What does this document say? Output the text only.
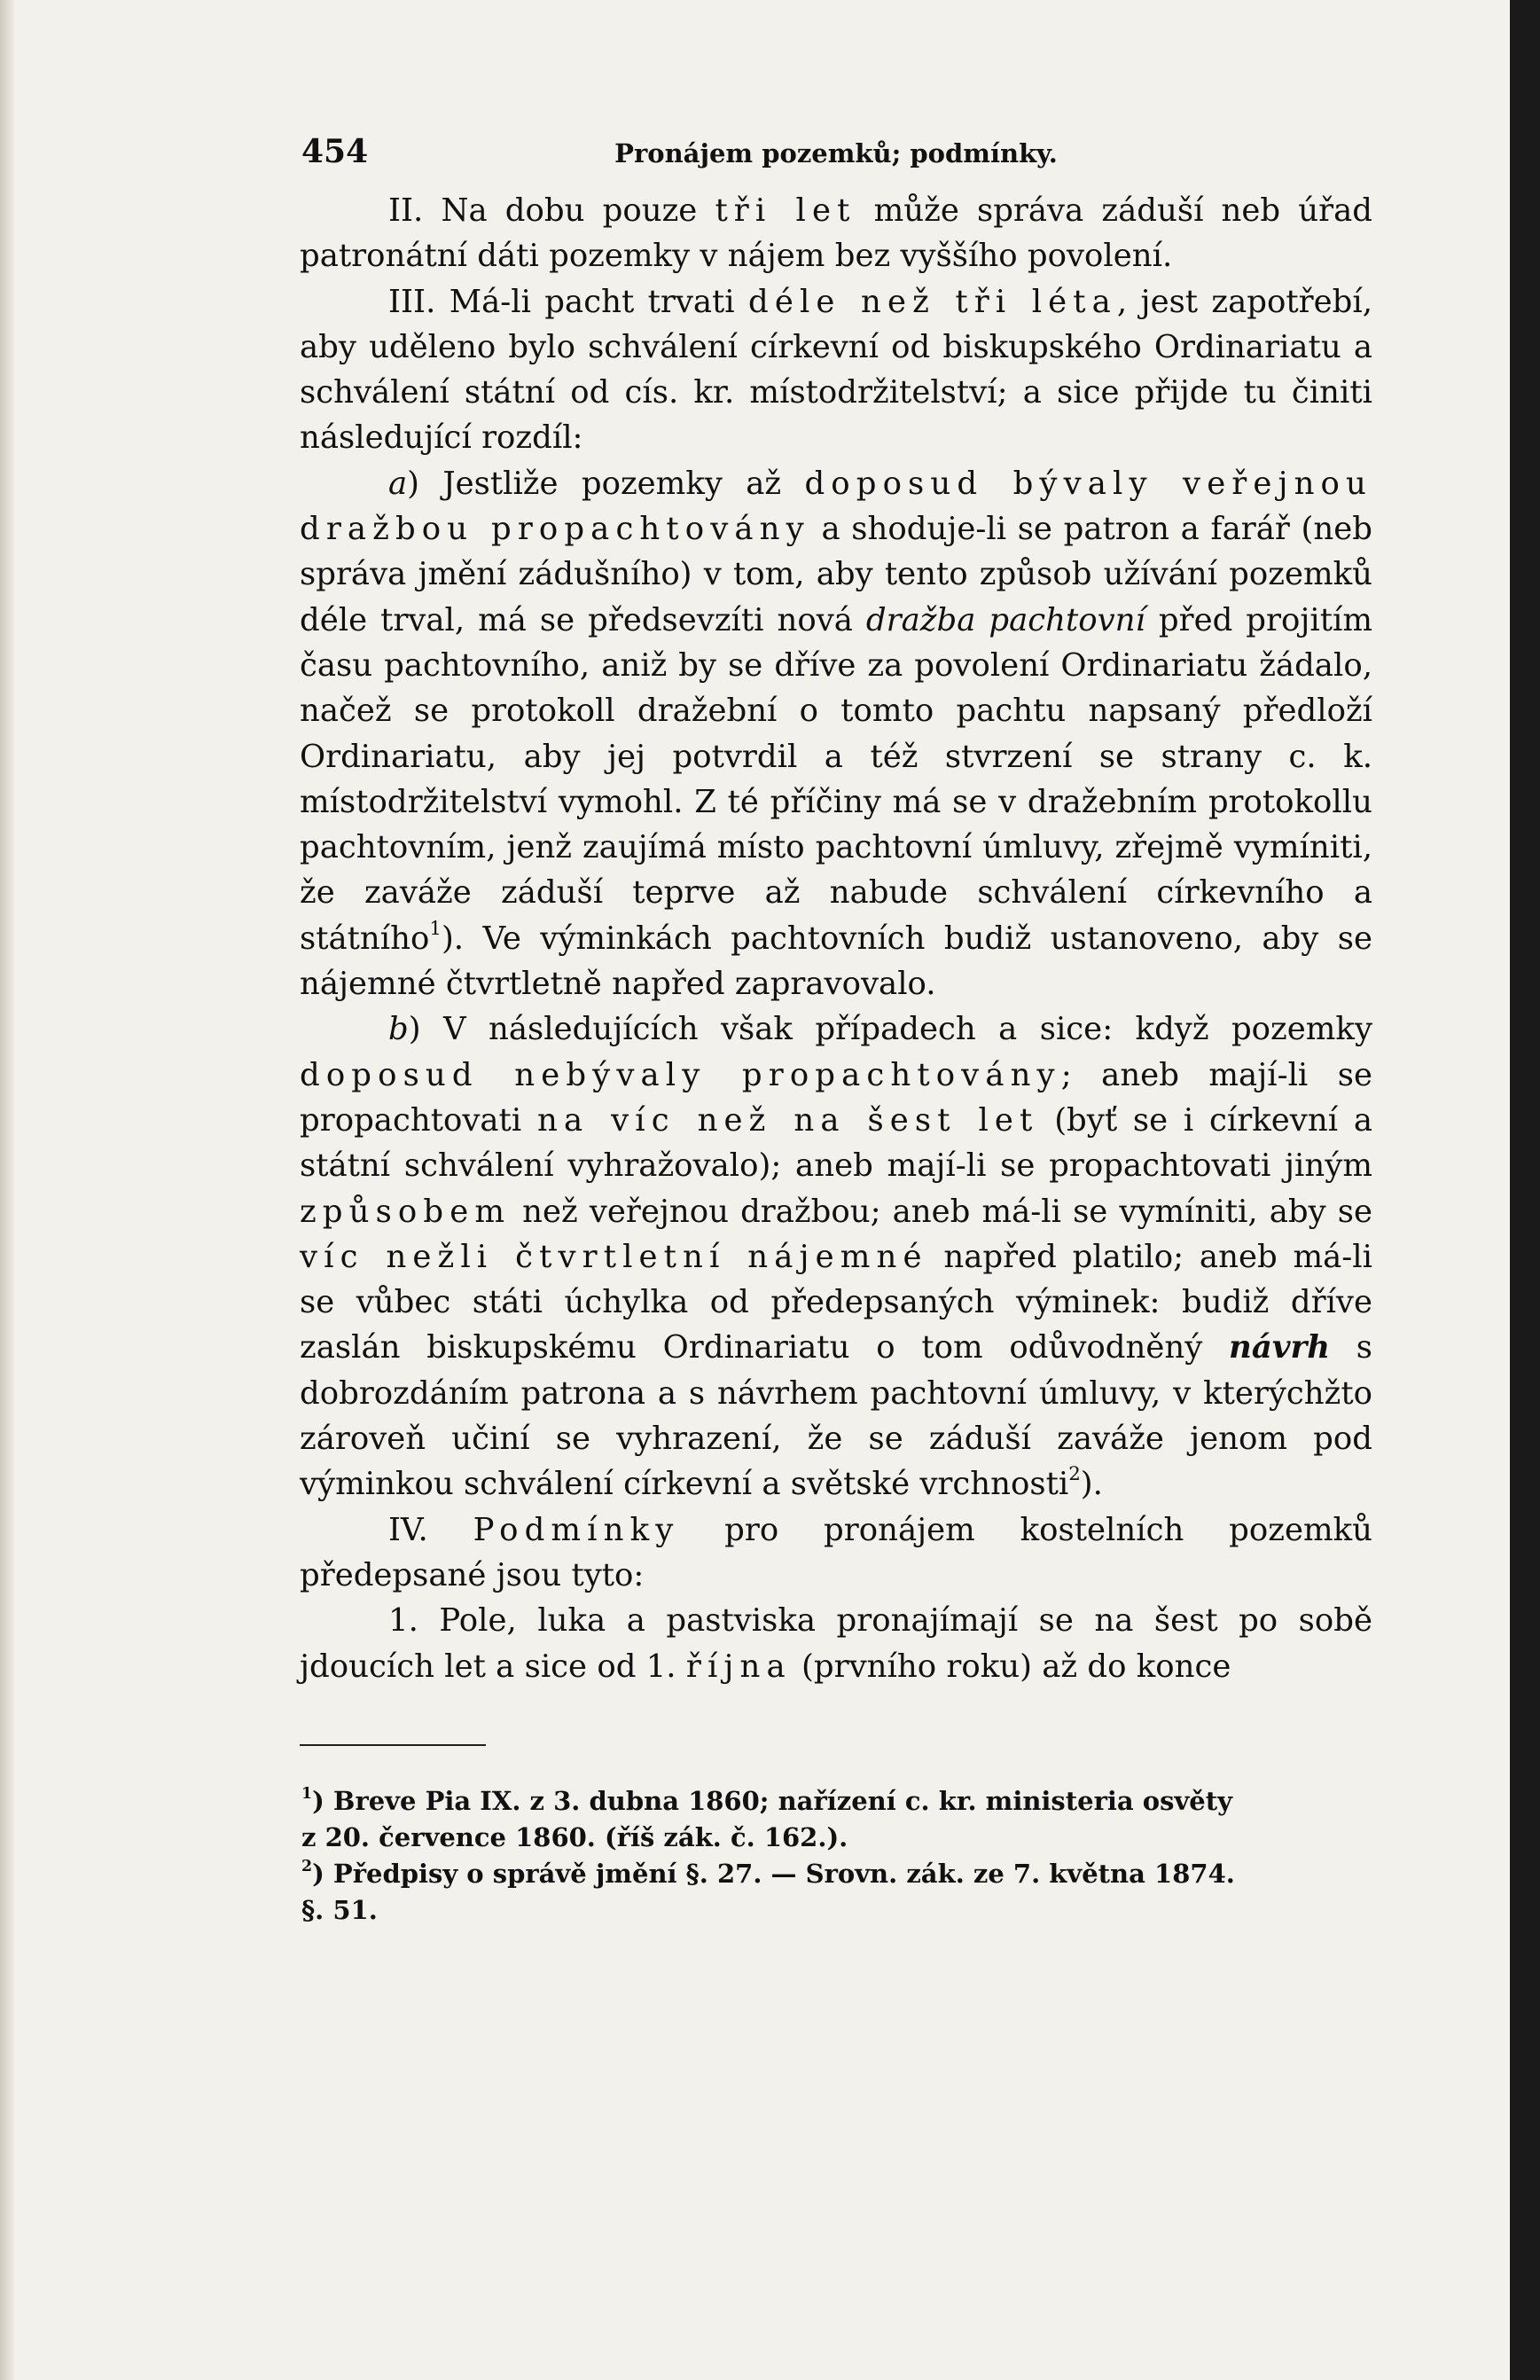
454	Pronájem pozemků; podmínky.

II. Na dobu pouze tři let může správa záduší neb úřad patronátní dáti pozemky v nájem bez vyššího povolení.

III. Má-li pacht trvati déle než tři léta, jest zapotřebí, aby uděleno bylo schválení církevní od biskupského Ordinariatu a schválení státní od cís. kr. místodržitelství; a sice přijde tu činiti následující rozdíl:

a) Jestliže pozemky až doposud bývaly veřejnou dražbou propachtovány a shoduje-li se patron a farář (neb správa jmění zádušního) v tom, aby tento způsob užívání pozemků déle trval, má se předsevzíti nová dražba pachtovní před projitím času pachtovního, aniž by se dříve za povolení Ordinariatu žádalo, načež se protokoll dražební o tomto pachtu napsaný předloží Ordinariatu, aby jej potvrdil a též stvrzení se strany c. k. místodržitelství vymohl. Z té příčiny má se v dražebním protokollu pachtovním, jenž zaujímá místo pachtovní úmluvy, zřejmě vymíniti, že zaváže záduší teprve až nabude schválení církevního a státního$^1$). Ve výminkách pachtovních budiž ustanoveno, aby se nájemné čtvrtletně napřed zapravovalo.

b) V následujících však případech a sice: když pozemky doposud nebývaly propachtovány; aneb mají-li se propachtovati na víc než na šest let (byť se i církevní a státní schválení vyhražovalo); aneb mají-li se propachtovati jiným způsobem než veřejnou dražbou; aneb má-li se vymíniti, aby se víc nežli čtvrtletní nájemné napřed platilo; aneb má-li se vůbec státi úchylka od předepsaných výminek: budiž dříve zaslán biskupskému Ordinariatu o tom odůvodněný návrh s dobrozdáním patrona a s návrhem pachtovní úmluvy, v kterýchžto zároveň učiní se vyhrazení, že se záduší zaváže jenom pod výminkou schválení církevní a světské vrchnosti$^2$).

IV. Podmínky pro pronájem kostelních pozemků předepsané jsou tyto:

1. Pole, luka a pastviska pronajímají se na šest po sobě jdoucích let a sice od 1. října (prvního roku) až do konce

$^1$) Breve Pia IX. z 3. dubna 1860; nařízení c. kr. ministeria osvěty
z 20. července 1860. (říš zák. č. 162.).

$^2$) Předpisy o správě jmění §. 27. — Srovn. zák. ze 7. května 1874.
§. 51.
